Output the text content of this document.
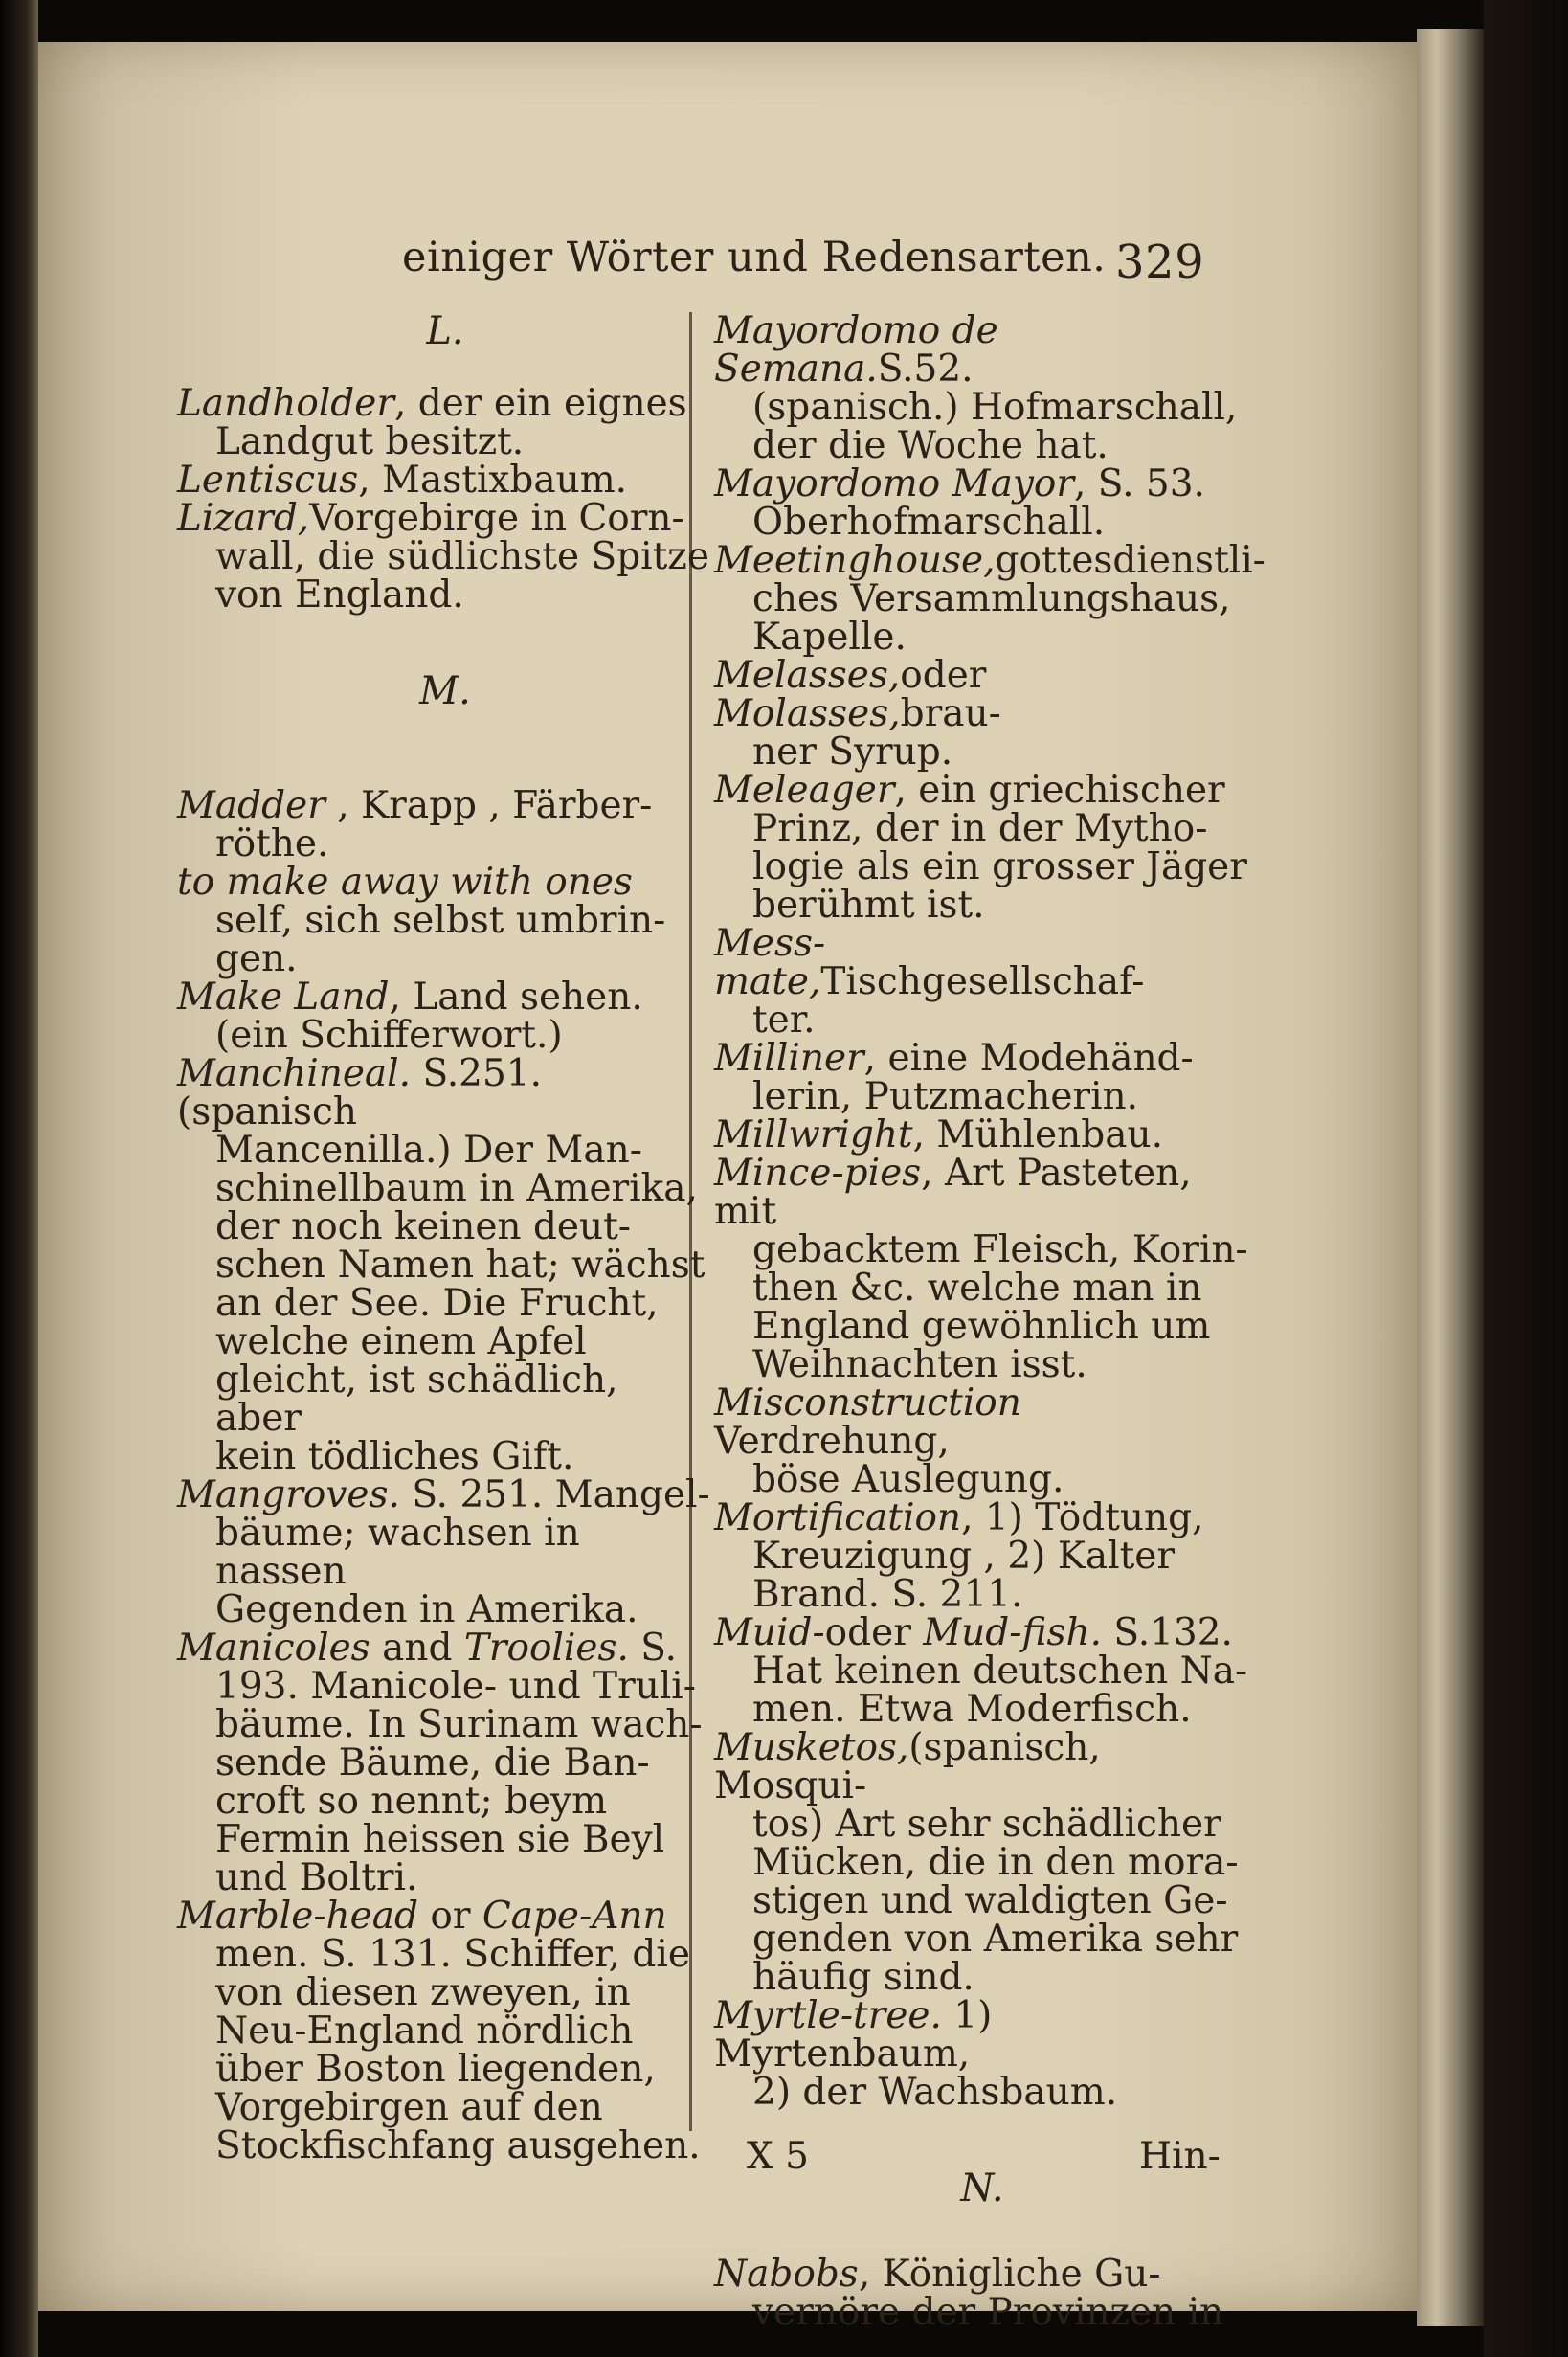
einiger Wörter und Redensarten. 329
L.
Landholder, der ein eignes
Landgut besitzt.
Lentiscus, Mastixbaum.
Lizard,Vorgebirge in Corn-
wall, die südlichste Spitze
von England.
M.
Madder , Krapp , Färber-
röthe.
to make away with ones
self, sich selbst umbrin-
gen.
Make Land, Land sehen.
(ein Schifferwort.)
Manchineal. S.251. (spanisch
Mancenilla.) Der Man-
schinellbaum in Amerika,
der noch keinen deut-
schen Namen hat; wächst
an der See. Die Frucht,
welche einem Apfel
gleicht, ist schädlich, aber
kein tödliches Gift.
Mangroves. S. 251. Mangel-
bäume; wachsen in nassen
Gegenden in Amerika.
Manicoles and Troolies. S.
193. Manicole- und Truli-
bäume. In Surinam wach-
sende Bäume, die Ban-
croft so nennt; beym
Fermin heissen sie Beyl
und Boltri.
Marble-head or Cape-Ann
men. S. 131. Schiffer, die
von diesen zweyen, in
Neu-England nördlich
über Boston liegenden,
Vorgebirgen auf den
Stockfischfang ausgehen.
Mayordomo de Semana.S.52.
(spanisch.) Hofmarschall,
der die Woche hat.
Mayordomo Mayor, S. 53.
Oberhofmarschall.
Meetinghouse,gottesdienstli-
ches Versammlungshaus,
Kapelle.
Melasses,oder Molasses,brau-
ner Syrup.
Meleager, ein griechischer
Prinz, der in der Mytho-
logie als ein grosser Jäger
berühmt ist.
Mess-mate,Tischgesellschaf-
ter.
Milliner, eine Modehänd-
lerin, Putzmacherin.
Millwright, Mühlenbau.
Mince-pies, Art Pasteten, mit
gebacktem Fleisch, Korin-
then &c. welche man in
England gewöhnlich um
Weihnachten isst.
Misconstruction Verdrehung,
böse Auslegung.
Mortification, 1) Tödtung,
Kreuzigung , 2) Kalter
Brand. S. 211.
Muid-oder Mud-fish. S.132.
Hat keinen deutschen Na-
men. Etwa Moderfisch.
Musketos,(spanisch, Mosqui-
tos) Art sehr schädlicher
Mücken, die in den mora-
stigen und waldigten Ge-
genden von Amerika sehr
häufig sind.
Myrtle-tree. 1) Myrtenbaum,
2) der Wachsbaum.
N.
Nabobs, Königliche Gu-
vernöre der Provinzen in
X 5	Hin-
